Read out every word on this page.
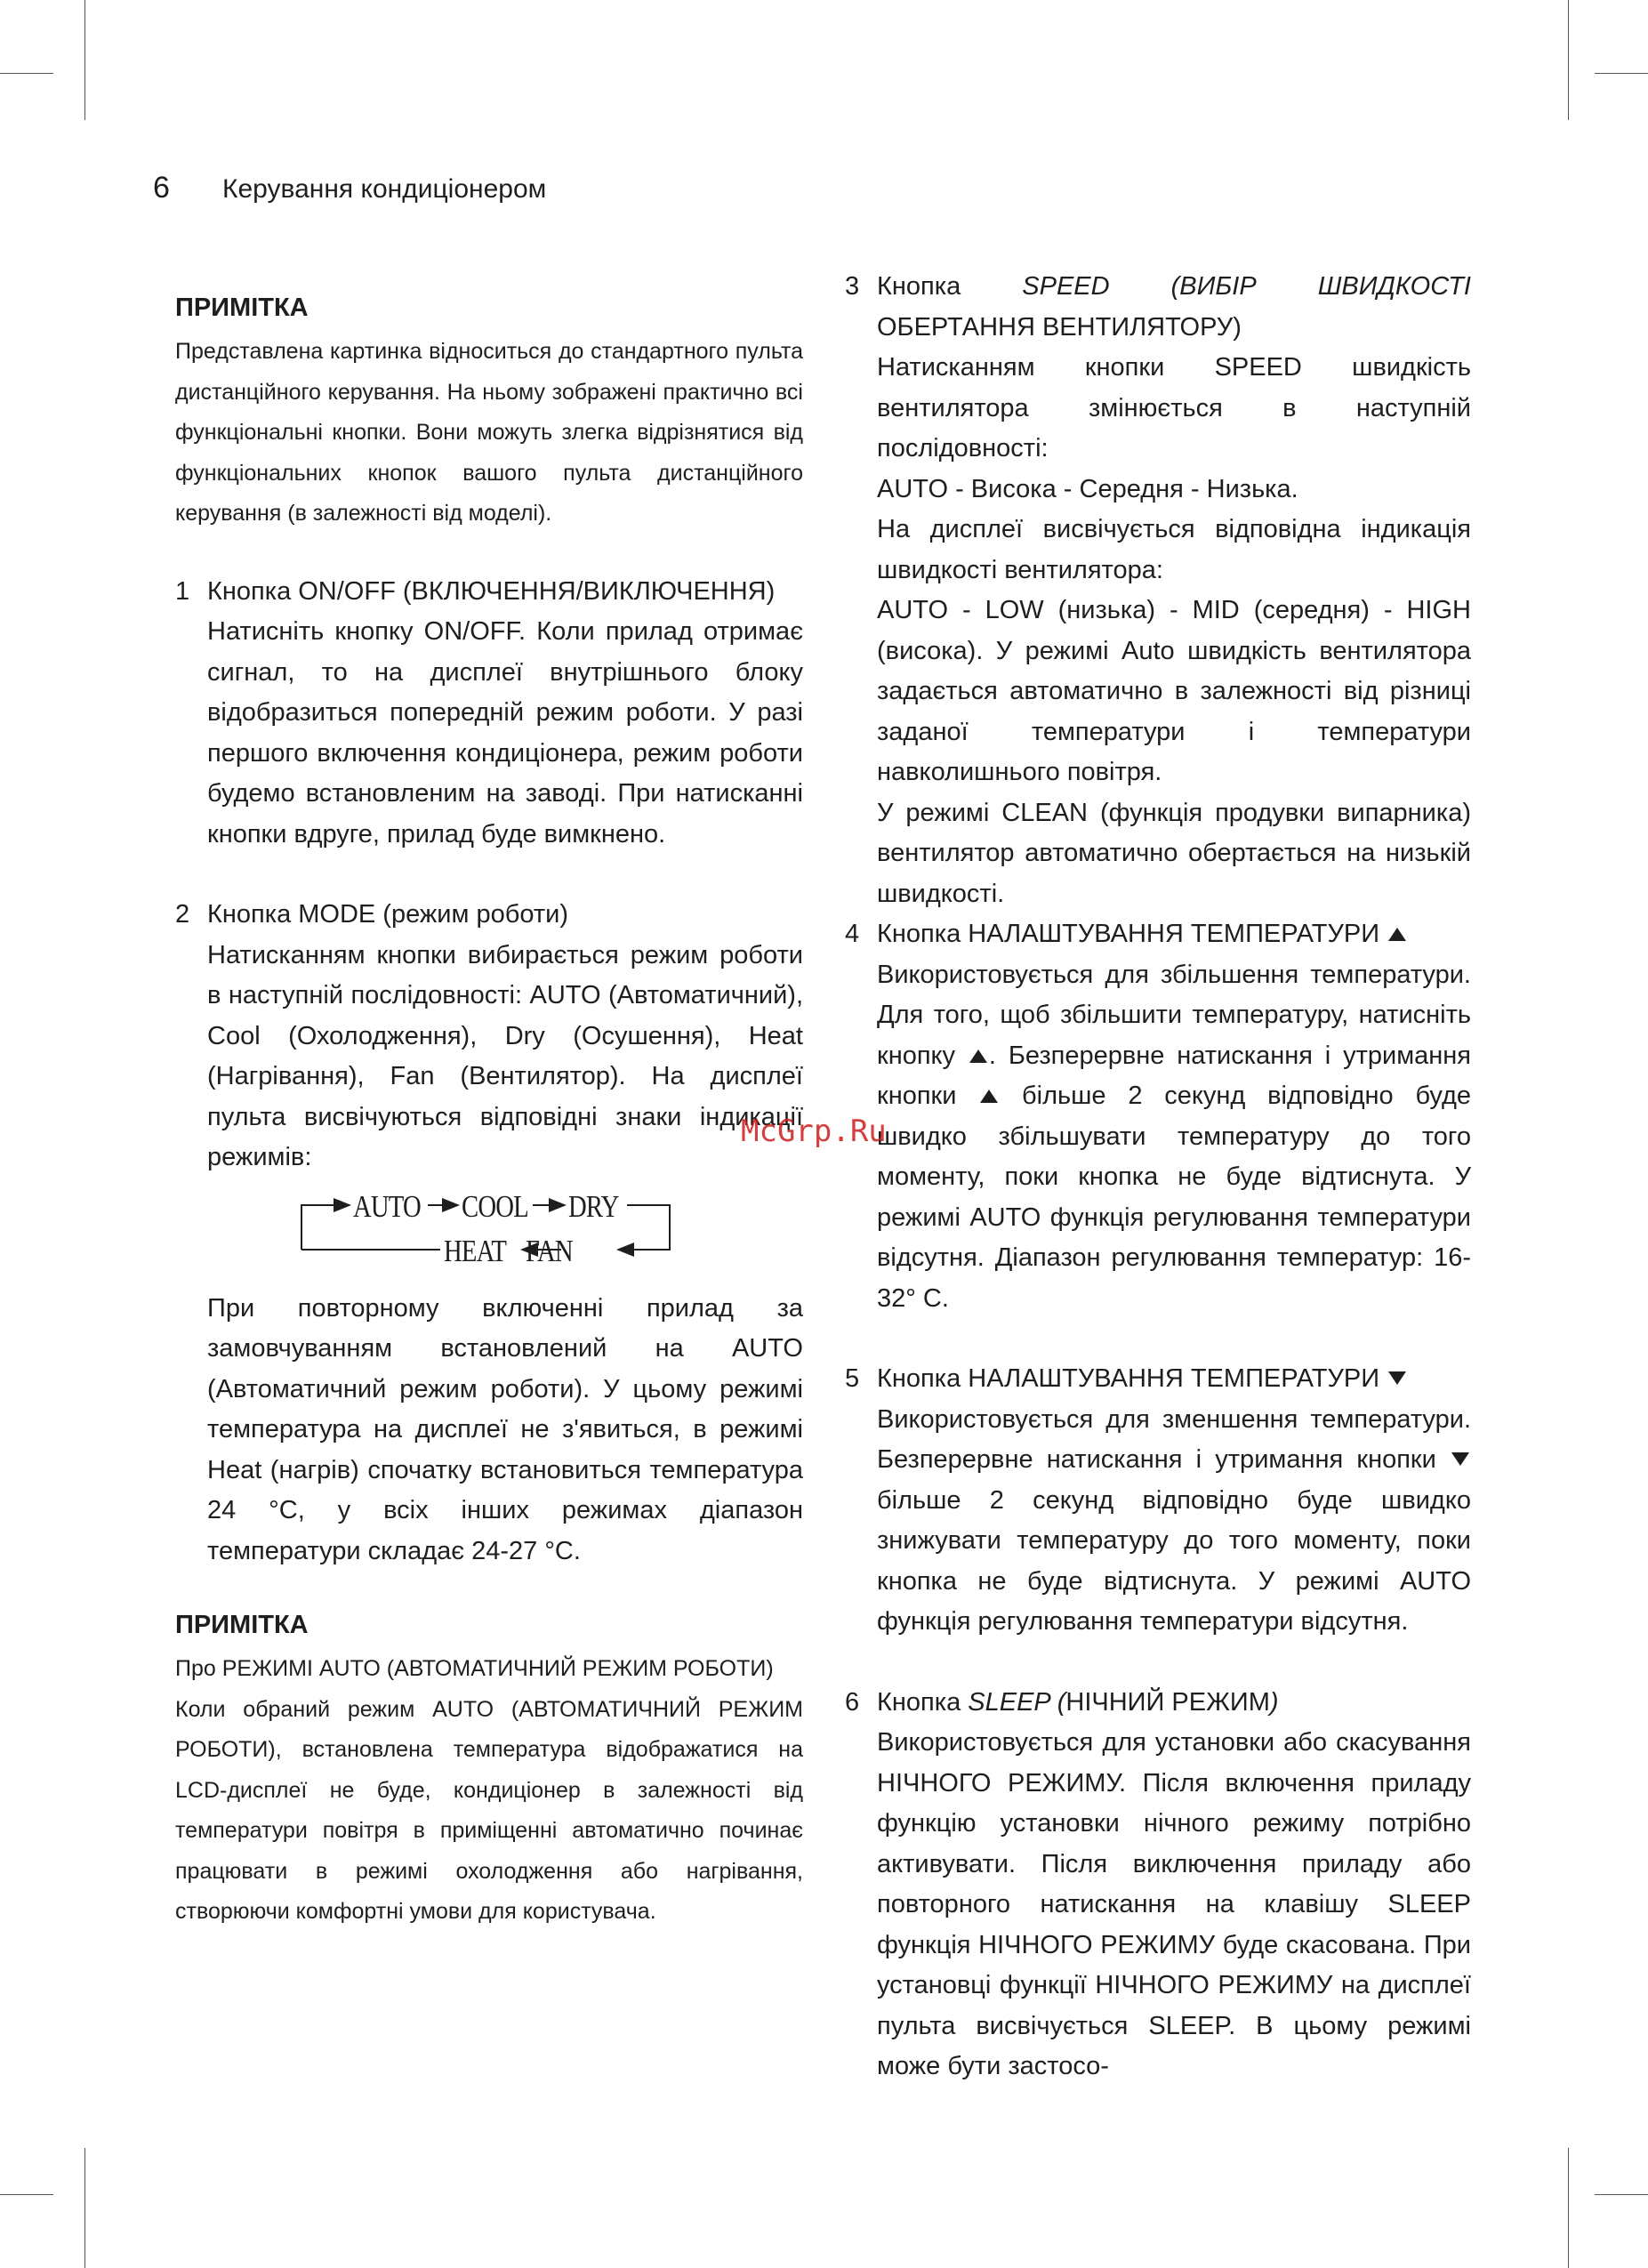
6 Керування кондиціонером
ПРИМІТКА

Представлена картинка відноситься до стандартного пульта дистанційного керування. На ньому зображені практично всі функціональні кнопки. Вони можуть злегка відрізнятися від функціональних кнопок вашого пульта дистанційного керування (в залежності від моделі).

1 Кнопка ON/OFF (ВКЛЮЧЕННЯ/ВИКЛЮЧЕННЯ)

Натисніть кнопку ON/OFF. Коли прилад отримає сигнал, то на дисплеї внутрішнього блоку відобразиться попередній режим роботи. У разі першого включення кондиціонера, режим роботи будемо встановленим на заводі. При натисканні кнопки вдруге, прилад буде вимкнено.

2 Кнопка MODE (режим роботи)

Натисканням кнопки вибирається режим роботи в наступній послідовності: AUTO (Автоматичний), Cool (Охолодження), Dry (Осушення), Heat (Нагрівання), Fan (Вентилятор). На дисплеї пульта висвічуються відповідні знаки індикації режимів:

AUTO COOL DRY
HEAT FAN

При повторному включенні прилад за замовчуванням встановлений на AUTO (Автоматичний режим роботи). У цьому режимі температура на дисплеї не з'явиться, в режимі Heat (нагрів) спочатку встановиться температура 24 °C, у всіх інших режимах діапазон температури складає 24-27 °C.

ПРИМІТКА

Про РЕЖИМІ AUTO (АВТОМАТИЧНИЙ РЕЖИМ РОБОТИ)

Коли обраний режим AUTO (АВТОМАТИЧНИЙ РЕЖИМ РОБОТИ), встановлена температура відображатися на LCD-дисплеї не буде, кондиціонер в залежності від температури повітря в приміщенні автоматично починає працювати в режимі охолодження або нагрівання, створюючи комфортні умови для користувача.

3 Кнопка SPEED (ВИБІР ШВИДКОСТІ

ОБЕРТАННЯ ВЕНТИЛЯТОРУ)

Натисканням кнопки SPEED швидкість вентилятора змінюється в наступній послідовності:

AUTO - Висока - Середня - Низька.

На дисплеї висвічується відповідна індикація швидкості вентилятора:

AUTO - LOW (низька) - MID (середня) - HIGH (висока). У режимі Auto швидкість вентилятора задається автоматично в залежності від різниці заданої температури і температури навколишнього повітря.

У режимі CLEAN (функція продувки випарника) вентилятор автоматично обертається на низькій швидкості.

4 Кнопка НАЛАШТУВАННЯ ТЕМПЕРАТУРИ

Використовується для збільшення температури. Для того, щоб збільшити температуру, натисніть кнопку . Безперервне натискання і утримання кнопки	більше 2 секунд відповідно буде швидко збільшувати температуру до того моменту, поки кнопка не буде відтиснута. У режимі AUTO функція регулювання температури відсутня. Діапазон регулювання температур: 16-32° С.

5 Кнопка НАЛАШТУВАННЯ ТЕМПЕРАТУРИ

Використовується для зменшення температури. Безперервне натискання і утримання кнопки  більше 2 секунд відповідно буде швидко знижувати температуру до того моменту, поки кнопка не буде відтиснута. У режимі AUTO функція регулювання температури відсутня.

6 Кнопка SLEEP (НІЧНИЙ РЕЖИМ)

Використовується для установки або скасування НІЧНОГО РЕЖИМУ. Після включення приладу функцію установки нічного режиму потрібно активувати. Після виключення приладу або повторного натискання на клавішу SLEEP функція НІЧНОГО РЕЖИМУ буде скасована. При установці функції НІЧНОГО РЕЖИМУ на дисплеї пульта висвічується SLEEP. В цьому режимі може бути застосо-

McGrp.Ru
